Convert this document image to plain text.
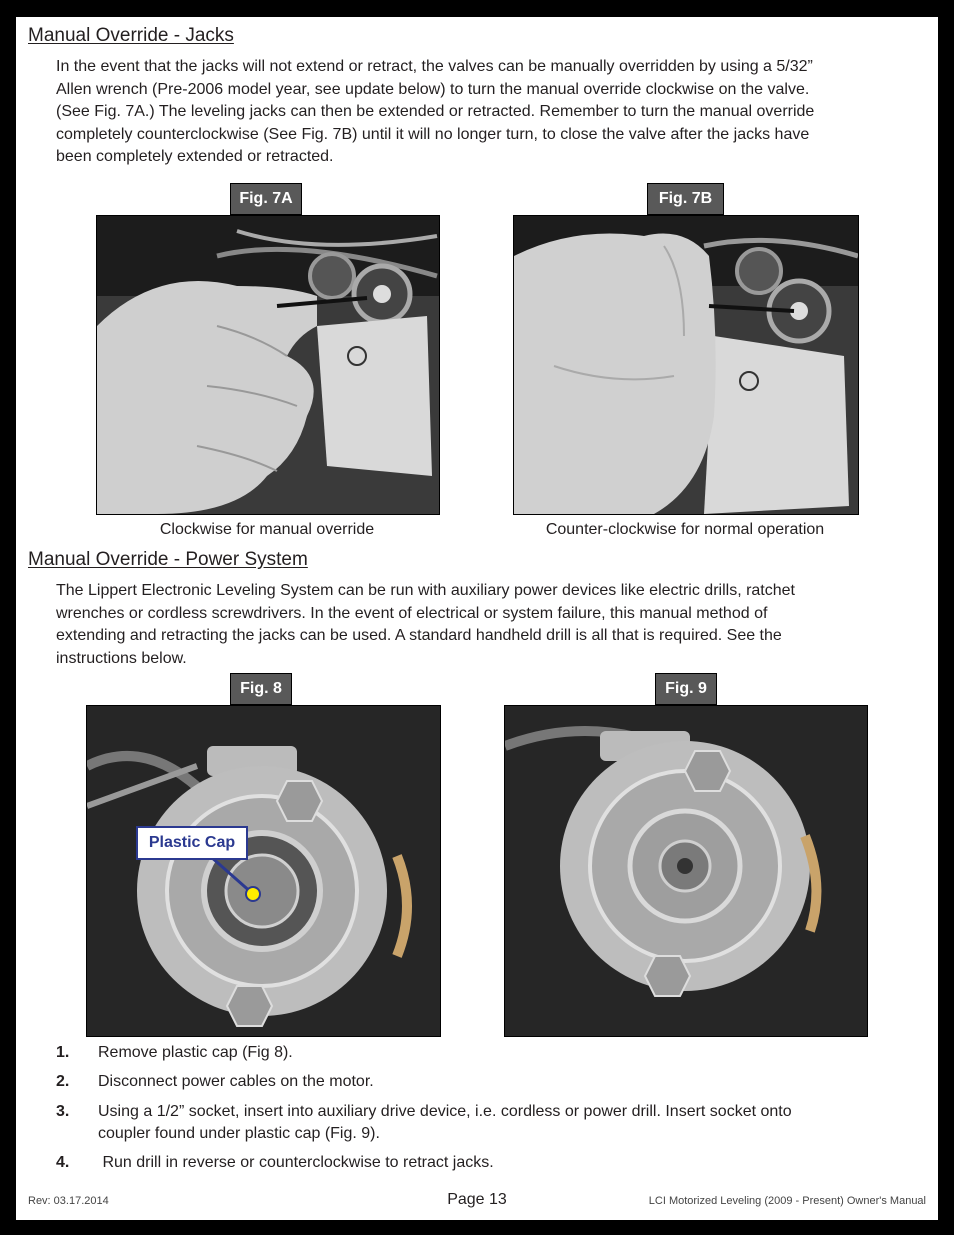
Manual Override - Jacks
In the event that the jacks will not extend or retract, the valves can be manually overridden by using a 5/32”
Allen wrench (Pre-2006 model year, see update below) to turn the manual override clockwise on the valve.
(See Fig. 7A.) The leveling jacks can then be extended or retracted. Remember to turn the manual override
completely counterclockwise (See Fig. 7B) until it will no longer turn, to close the valve after the jacks have
been completely extended or retracted.
Fig. 7A
Clockwise for manual override
Fig. 7B
Counter-clockwise for normal operation
Manual Override - Power System
The Lippert Electronic Leveling System can be run with auxiliary power devices like electric drills, ratchet
wrenches or cordless screwdrivers. In the event of electrical or system failure, this manual method of
extending and retracting the jacks can be used. A standard handheld drill is all that is required. See the
instructions below.
Fig. 8
Plastic Cap
Fig. 9
1. Remove plastic cap (Fig 8).
2. Disconnect power cables on the motor.
3. Using a 1/2” socket, insert into auxiliary drive device, i.e. cordless or power drill. Insert socket onto
coupler found under plastic cap (Fig. 9).
4. Run drill in reverse or counterclockwise to retract jacks.
Rev: 03.17.2014	Page 13	LCI Motorized Leveling (2009 - Present) Owner's Manual
